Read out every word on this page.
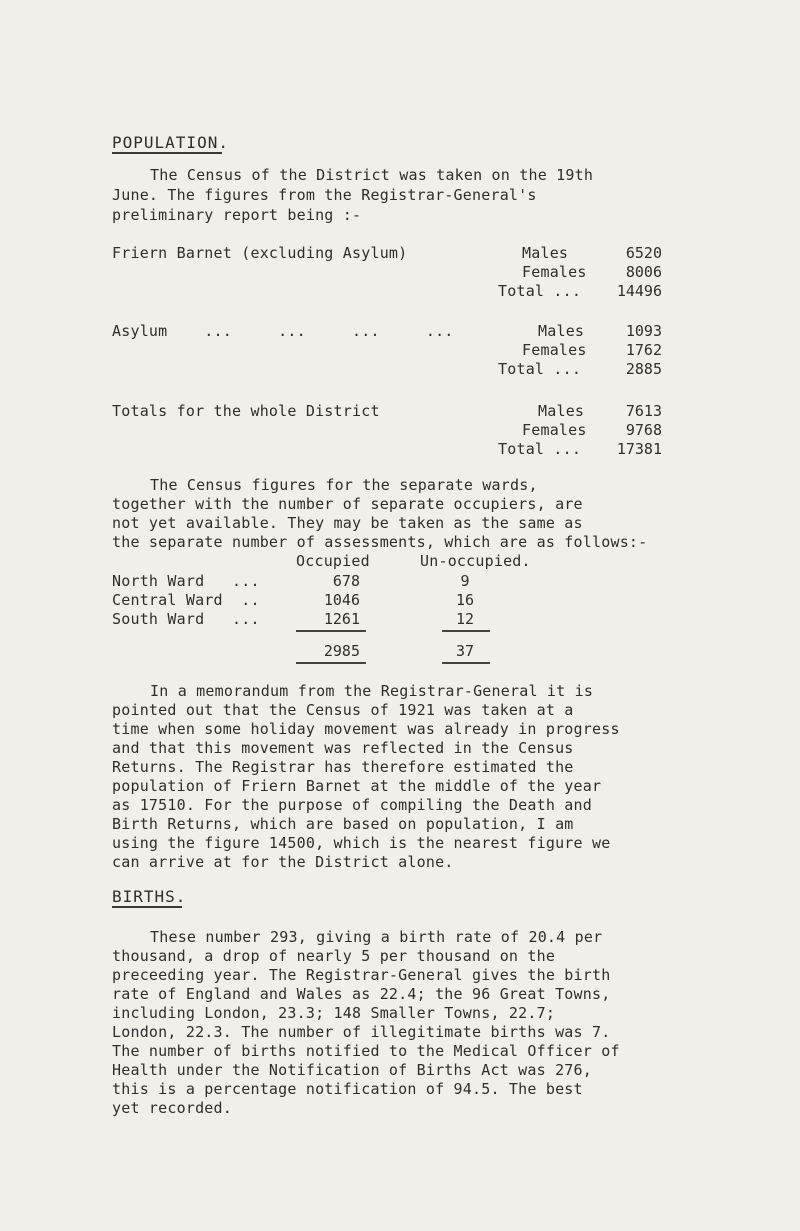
POPULATION.
The Census of the District was taken on the 19th
June. The figures from the Registrar-General's
preliminary report being :-
Friern Barnet (excluding Asylum)	Males	6520
Females	8006
Total ...	14496
Asylum    ...     ...     ...     ...	Males	1093
Females	1762
Total ...	2885
Totals for the whole District	Males	7613
Females	9768
Total ...	17381
The Census figures for the separate wards,
together with the number of separate occupiers, are
not yet available. They may be taken as the same as
the separate number of assessments, which are as follows:-
Occupied	Un-occupied.
North Ward   ...	678	9
Central Ward  ..	1046	16
South Ward   ...	1261	12
2985	37
In a memorandum from the Registrar-General it is
pointed out that the Census of 1921 was taken at a
time when some holiday movement was already in progress
and that this movement was reflected in the Census
Returns. The Registrar has therefore estimated the
population of Friern Barnet at the middle of the year
as 17510. For the purpose of compiling the Death and
Birth Returns, which are based on population, I am
using the figure 14500, which is the nearest figure we
can arrive at for the District alone.
BIRTHS.
These number 293, giving a birth rate of 20.4 per
thousand, a drop of nearly 5 per thousand on the
preceeding year. The Registrar-General gives the birth
rate of England and Wales as 22.4; the 96 Great Towns,
including London, 23.3; 148 Smaller Towns, 22.7;
London, 22.3. The number of illegitimate births was 7.
The number of births notified to the Medical Officer of
Health under the Notification of Births Act was 276,
this is a percentage notification of 94.5. The best
yet recorded.
